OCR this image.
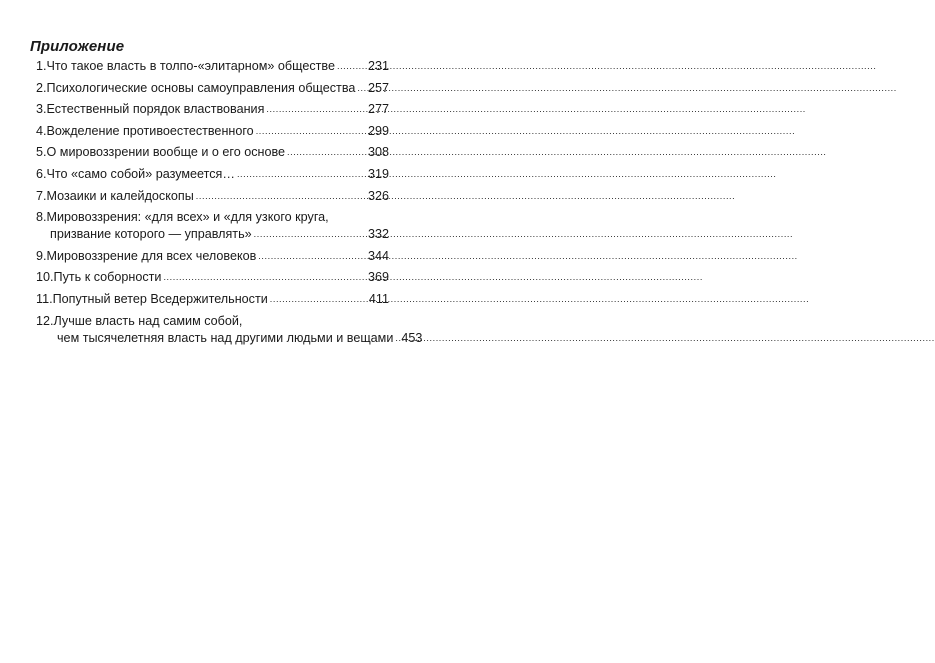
Приложение
1. Что такое власть в толпо-«элитарном» обществе .....	231
2. Психологические основы самоуправления общества ..... 257
3. Естественный порядок властвования .....	277
4. Вожделение противоестественного .....	299
5. О мировоззрении вообще и о его основе .....	308
6. Что «само собой» разумеется… .....	319
7. Мозаики и калейдоскопы .....	326
8. Мировоззрения: «для всех» и «для узкого круга,
призвание которого — управлять» .....	332
9. Мировоззрение для всех человеков .....	344
10. Путь к соборности .....	369
11. Попутный ветер Вседержительности .....	411
12. Лучше власть над самим собой,
чем тысячелетняя власть над другими людьми и вещами ..... 453
